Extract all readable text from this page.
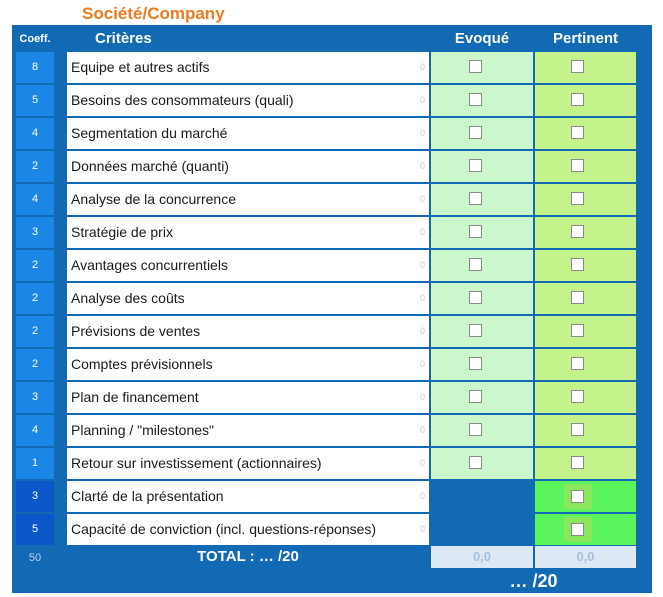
Société/Company
Coeff.	Critères	Evoqué	Pertinent
8	Equipe et autres actifs	0
5	Besoins des consommateurs (quali)	0
4	Segmentation du marché	0
2	Données marché (quanti)	0
4	Analyse de la concurrence	0
3	Stratégie de prix	0
2	Avantages concurrentiels	0
2	Analyse des coûts	0
2	Prévisions de ventes	0
2	Comptes prévisionnels	0
3	Plan de financement	0
4	Planning / "milestones"	0
1	Retour sur investissement (actionnaires)	0
3	Clarté de la présentation	0
5	Capacité de conviction (incl. questions-réponses)	0
50	TOTAL : … /20	0,0	0,0
… /20
